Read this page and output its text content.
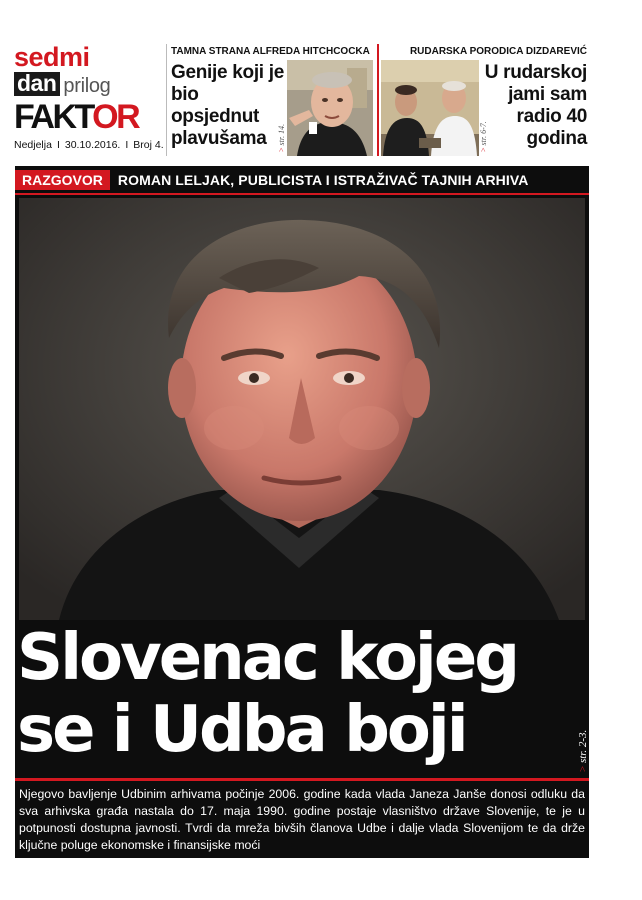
sedmi
dan prilog
FAKTOR
Nedjelja I 30.10.2016. I Broj 4.
TAMNA STRANA ALFREDA HITCHCOCKA
Genije koji je bio opsjednut plavušama	> str. 14.
RUDARSKA PORODICA DIZDAREVIĆ
> str. 6-7.
U rudarskoj jami sam radio 40 godina
RAZGOVOR	ROMAN LELJAK, PUBLICISTA I ISTRAŽIVAČ TAJNIH ARHIVA
Slovenac kojeg
se i Udba boji
> str. 2-3.

Njegovo bavljenje Udbinim arhivama počinje 2006. godine kada vlada Janeza Janše donosi odluku da sva arhivska građa nastala do 17. maja 1990. godine postaje vlasništvo države Slovenije, te je u potpunosti dostupna javnosti. Tvrdi da mreža bivših članova Udbe i dalje vlada Slovenijom te da drže ključne poluge ekonomske i finansijske moći
